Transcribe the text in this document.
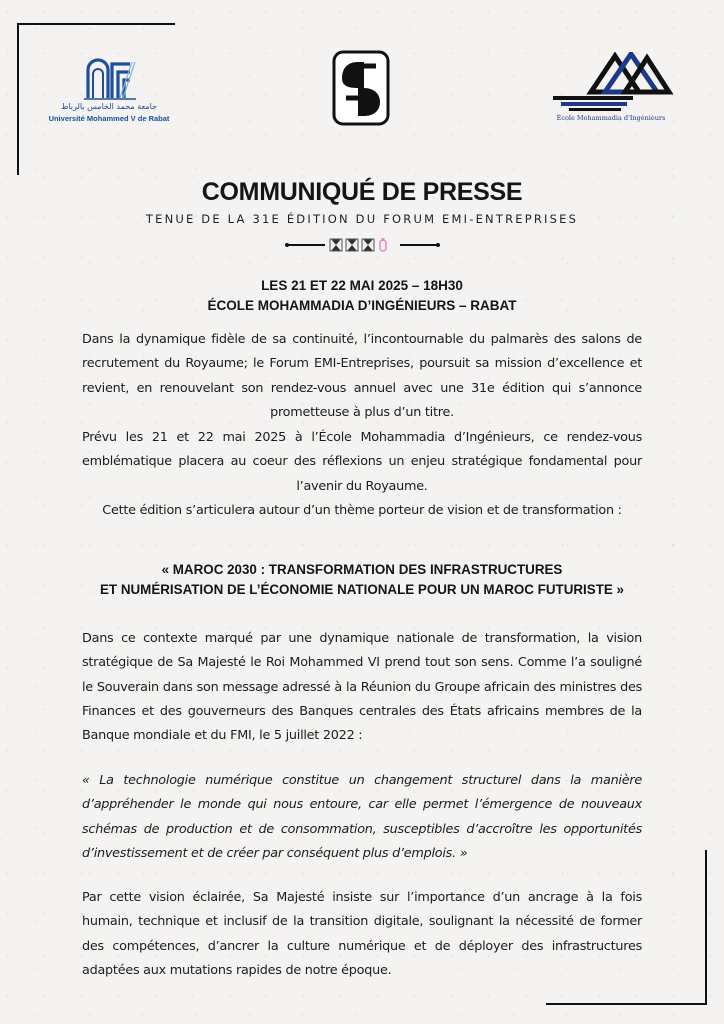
جامعة محمد الخامس بالرباط
Université Mohammed V de Rabat	École Mohammadia d'Ingénieurs
COMMUNIQUÉ DE PRESSE
TENUE DE LA 31E ÉDITION DU FORUM EMI-ENTREPRISES
LES 21 ET 22 MAI 2025 – 18H30
ÉCOLE MOHAMMADIA D’INGÉNIEURS – RABAT
Dans la dynamique fidèle de sa continuité, l’incontournable du palmarès des salons de recrutement du Royaume; le Forum EMI-Entreprises, poursuit sa mission d’excellence et revient, en renouvelant son rendez-vous annuel avec une 31e édition qui s’annonce prometteuse à plus d’un titre.
Prévu les 21 et 22 mai 2025 à l’École Mohammadia d’Ingénieurs, ce rendez-vous emblématique placera au coeur des réflexions un enjeu stratégique fondamental pour l’avenir du Royaume.
Cette édition s’articulera autour d’un thème porteur de vision et de transformation :
« MAROC 2030 : TRANSFORMATION DES INFRASTRUCTURES
ET NUMÉRISATION DE L’ÉCONOMIE NATIONALE POUR UN MAROC FUTURISTE »
Dans ce contexte marqué par une dynamique nationale de transformation, la vision stratégique de Sa Majesté le Roi Mohammed VI prend tout son sens. Comme l’a souligné le Souverain dans son message adressé à la Réunion du Groupe africain des ministres des Finances et des gouverneurs des Banques centrales des États africains membres de la Banque mondiale et du FMI, le 5 juillet 2022 :
« La technologie numérique constitue un changement structurel dans la manière d’appréhender le monde qui nous entoure, car elle permet l’émergence de nouveaux schémas de production et de consommation, susceptibles d’accroître les opportunités d’investissement et de créer par conséquent plus d’emplois. »
Par cette vision éclairée, Sa Majesté insiste sur l’importance d’un ancrage à la fois humain, technique et inclusif de la transition digitale, soulignant la nécessité de former des compétences, d’ancrer la culture numérique et de déployer des infrastructures adaptées aux mutations rapides de notre époque.
